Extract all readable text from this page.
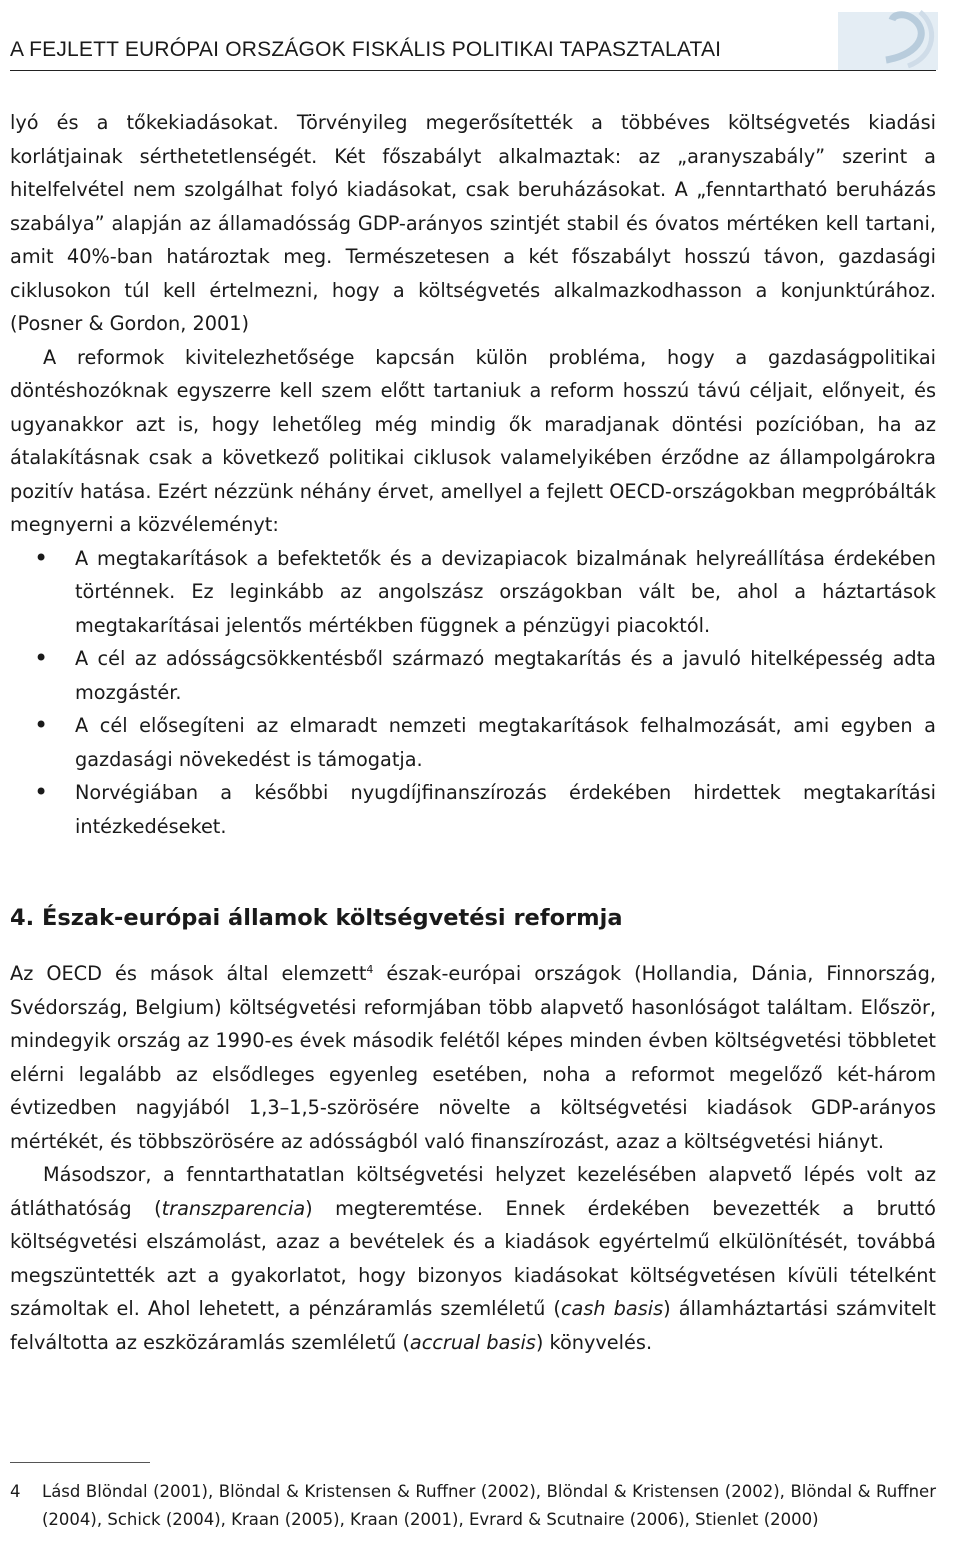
A FEJLETT EURÓPAI ORSZÁGOK FISKÁLIS POLITIKAI TAPASZTALATAI

lyó és a tőkekiadásokat. Törvényileg megerősítették a többéves költségvetés kiadási korlátjainak sérthetetlenségét. Két főszabályt alkalmaztak: az „aranyszabály” szerint a hitelfelvétel nem szolgálhat folyó kiadásokat, csak beruházásokat. A „fenntartható beruházás szabálya” alapján az államadósság GDP-arányos szintjét stabil és óvatos mértéken kell tartani, amit 40%-ban határoztak meg. Természetesen a két főszabályt hosszú távon, gazdasági ciklusokon túl kell értelmezni, hogy a költségvetés alkalmazkodhasson a konjunktúrához. (Posner & Gordon, 2001)

A reformok kivitelezhetősége kapcsán külön probléma, hogy a gazdaságpolitikai döntéshozóknak egyszerre kell szem előtt tartaniuk a reform hosszú távú céljait, előnyeit, és ugyanakkor azt is, hogy lehetőleg még mindig ők maradjanak döntési pozícióban, ha az átalakításnak csak a következő politikai ciklusok valamelyikében érződne az állampolgárokra pozitív hatása. Ezért nézzünk néhány érvet, amellyel a fejlett OECD-országokban megpróbálták megnyerni a közvéleményt:

• A megtakarítások a befektetők és a devizapiacok bizalmának helyreállítása érdekében történnek. Ez leginkább az angolszász országokban vált be, ahol a háztartások megtakarításai jelentős mértékben függnek a pénzügyi piacoktól.
• A cél az adósságcsökkentésből származó megtakarítás és a javuló hitelképesség adta mozgástér.
• A cél elősegíteni az elmaradt nemzeti megtakarítások felhalmozását, ami egyben a gazdasági növekedést is támogatja.
• Norvégiában a későbbi nyugdíjfinanszírozás érdekében hirdettek megtakarítási intézkedéseket.
4. Észak-európai államok költségvetési reformja

Az OECD és mások által elemzett$^4$ észak-európai országok (Hollandia, Dánia, Finnország, Svédország, Belgium) költségvetési reformjában több alapvető hasonlóságot találtam. Először, mindegyik ország az 1990-es évek második felétől képes minden évben költségvetési többletet elérni legalább az elsődleges egyenleg esetében, noha a reformot megelőző két-három évtizedben nagyjából 1,3–1,5-szörösére növelte a költségvetési kiadások GDP-arányos mértékét, és többszörösére az adósságból való finanszírozást, azaz a költségvetési hiányt.

Másodszor, a fenntarthatatlan költségvetési helyzet kezelésében alapvető lépés volt az átláthatóság (transzparencia) megteremtése. Ennek érdekében bevezették a bruttó költségvetési elszámolást, azaz a bevételek és a kiadások egyértelmű elkülönítését, továbbá megszüntették azt a gyakorlatot, hogy bizonyos kiadásokat költségvetésen kívüli tételként számoltak el. Ahol lehetett, a pénzáramlás szemléletű (cash basis) államháztartási számvitelt felváltotta az eszközáramlás szemléletű (accrual basis) könyvelés.

4	Lásd Blöndal (2001), Blöndal & Kristensen & Ruffner (2002), Blöndal & Kristensen (2002), Blöndal & Ruffner (2004), Schick (2004), Kraan (2005), Kraan (2001), Evrard & Scutnaire (2006), Stienlet (2000)
